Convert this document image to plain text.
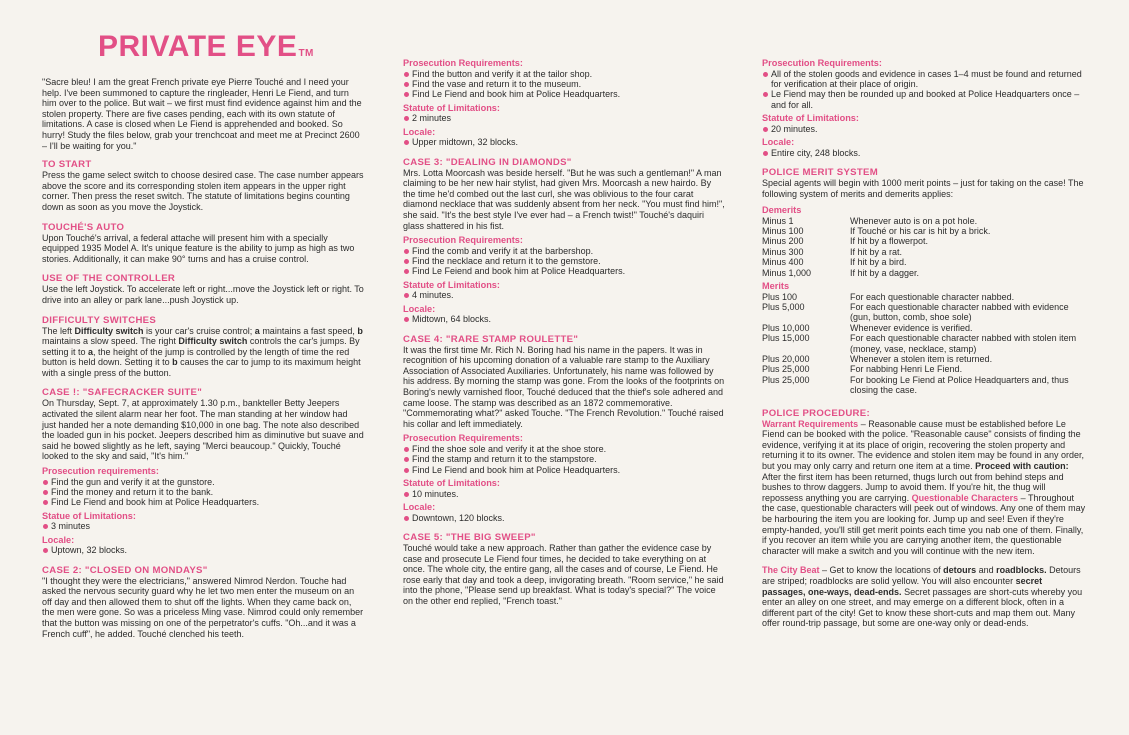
PRIVATE EYETM

"Sacre bleu! I am the great French private eye Pierre Touché and I need your help. I've been summoned to capture the ringleader, Henri Le Fiend, and turn him over to the police. But wait – we first must find evidence against him and the stolen property. There are five cases pending, each with its own statute of limitations. A case is closed when Le Fiend is apprehended and booked. So hurry! Study the files below, grab your trenchcoat and meet me at Precinct 2600 – I'll be waiting for you."

TO START

Press the game select switch to choose desired case. The case number appears above the score and its corresponding stolen item appears in the upper right corner. Then press the reset switch. The statute of limitations begins counting down as soon as you move the Joystick.

TOUCHÉ'S AUTO

Upon Touché's arrival, a federal attache will present him with a specially equipped 1935 Model A. It's unique feature is the ability to jump as high as two stories. Additionally, it can make 90° turns and has a cruise control.

USE OF THE CONTROLLER

Use the left Joystick. To accelerate left or right...move the Joystick left or right. To drive into an alley or park lane...push Joystick up.

DIFFICULTY SWITCHES

The left Difficulty switch is your car's cruise control; a maintains a fast speed, b maintains a slow speed. The right Difficulty switch controls the car's jumps. By setting it to a, the height of the jump is controlled by the length of time the red button is held down. Setting it to b causes the car to jump to its maximum height with a single press of the button.

CASE !: "SAFECRACKER SUITE"

On Thursday, Sept. 7, at approximately 1.30 p.m., bankteller Betty Jeepers activated the silent alarm near her foot. The man standing at her window had just handed her a note demanding $10,000 in one bag. The note also described the loaded gun in his pocket. Jeepers described him as diminutive but suave and said he bowed slightly as he left, saying "Merci beaucoup." Quickly, Touché looked to the sky and said, "It's him."

Prosecution requirements:
Find the gun and verify it at the gunstore.
Find the money and return it to the bank.
Find Le Fiend and book him at Police Headquarters.
Statue of Limitations:
3 minutes
Locale:
Uptown, 32 blocks.
CASE 2: "CLOSED ON MONDAYS"

"I thought they were the electricians," answered Nimrod Nerdon. Touche had asked the nervous security guard why he let two men enter the museum on an off day and then allowed them to shut off the lights. When they came back on, the men were gone. So was a priceless Ming vase. Nimrod could only remember that the button was missing on one of the perpetrator's cuffs. "Oh...and it was a French cuff", he added. Touché clenched his teeth.

Prosecution Requirements:
Find the button and verify it at the tailor shop.
Find the vase and return it to the museum.
Find Le Fiend and book him at Police Headquarters.
Statute of Limitations:
2 minutes
Locale:
Upper midtown, 32 blocks.
CASE 3: "DEALING IN DIAMONDS"

Mrs. Lotta Moorcash was beside herself. "But he was such a gentleman!" A man claiming to be her new hair stylist, had given Mrs. Moorcash a new hairdo. By the time he'd combed out the last curl, she was oblivious to the four carat diamond necklace that was suddenly absent from her neck. "You must find him!", she said. "It's the best style I've ever had – a French twist!" Touché's daquiri glass shattered in his fist.

Prosecution Requirements:
Find the comb and verify it at the barbershop.
Find the necklace and return it to the gemstore.
Find Le Feiend and book him at Police Headquarters.
Statute of Limitations:
4 minutes.
Locale:
Midtown, 64 blocks.
CASE 4: "RARE STAMP ROULETTE"

It was the first time Mr. Rich N. Boring had his name in the papers. It was in recognition of his upcoming donation of a valuable rare stamp to the Auxiliary Association of Associated Auxiliaries. Unfortunately, his name was followed by his address. By morning the stamp was gone. From the looks of the footprints on Boring's newly varnished floor, Touché deduced that the thief's sole adhered and came loose. The stamp was described as an 1872 commemorative. "Commemorating what?" asked Touche. "The French Revolution." Touché raised his collar and left immediately.

Prosecution Requirements:
Find the shoe sole and verify it at the shoe store.
Find the stamp and return it to the stampstore.
Find Le Fiend and book him at Police Headquarters.
Statute of Limitations:
10 minutes.
Locale:
Downtown, 120 blocks.
CASE 5: "THE BIG SWEEP"

Touché would take a new approach. Rather than gather the evidence case by case and prosecute Le Fiend four times, he decided to take everything on at once. The whole city, the entire gang, all the cases and of course, Le Fiend. He rose early that day and took a deep, invigorating breath. "Room service," he said into the phone, "Please send up breakfast. What is today's special?" The voice on the other end replied, "French toast."

Prosecution Requirements:
All of the stolen goods and evidence in cases 1–4 must be found and returned for verification at their place of origin.
Le Fiend may then be rounded up and booked at Police Headquarters once – and for all.
Statute of Limitations:
20 minutes.
Locale:
Entire city, 248 blocks.
POLICE MERIT SYSTEM

Special agents will begin with 1000 merit points – just for taking on the case! The following system of merits and demerits applies:

Demerits
Minus 1	Whenever auto is on a pot hole.
Minus 100	If Touché or his car is hit by a brick.
Minus 200	If hit by a flowerpot.
Minus 300	If hit by a rat.
Minus 400	If hit by a bird.
Minus 1,000	If hit by a dagger.
Merits
Plus 100	For each questionable character nabbed.
Plus 5,000	For each questionable character nabbed with evidence (gun, button, comb, shoe sole)
Plus 10,000	Whenever evidence is verified.
Plus 15,000	For each questionable character nabbed with stolen item (money, vase, necklace, stamp)
Plus 20,000	Whenever a stolen item is returned.
Plus 25,000	For nabbing Henri Le Fiend.
Plus 25,000	For booking Le Fiend at Police Headquarters and, thus closing the case.
POLICE PROCEDURE:

Warrant Requirements – Reasonable cause must be established before Le Fiend can be booked with the police. "Reasonable cause" consists of finding the evidence, verifying it at its place of origin, recovering the stolen property and returning it to its owner. The evidence and stolen item may be found in any order, but you may only carry and return one item at a time. Proceed with caution: After the first item has been returned, thugs lurch out from behind steps and bushes to throw daggers. Jump to avoid them. If you're hit, the thug will repossess anything you are carrying. Questionable Characters – Throughout the case, questionable characters will peek out of windows. Any one of them may be harbouring the item you are looking for. Jump up and see! Even if they're empty-handed, you'll still get merit points each time you nab one of them. Finally, if you recover an item while you are carrying another item, the questionable character will make a switch and you will continue with the new item.

The City Beat – Get to know the locations of detours and roadblocks. Detours are striped; roadblocks are solid yellow. You will also encounter secret passages, one-ways, dead-ends. Secret passages are short-cuts whereby you enter an alley on one street, and may emerge on a different block, often in a different part of the city! Get to know these short-cuts and map them out. Many offer round-trip passage, but some are one-way only or dead-ends.
